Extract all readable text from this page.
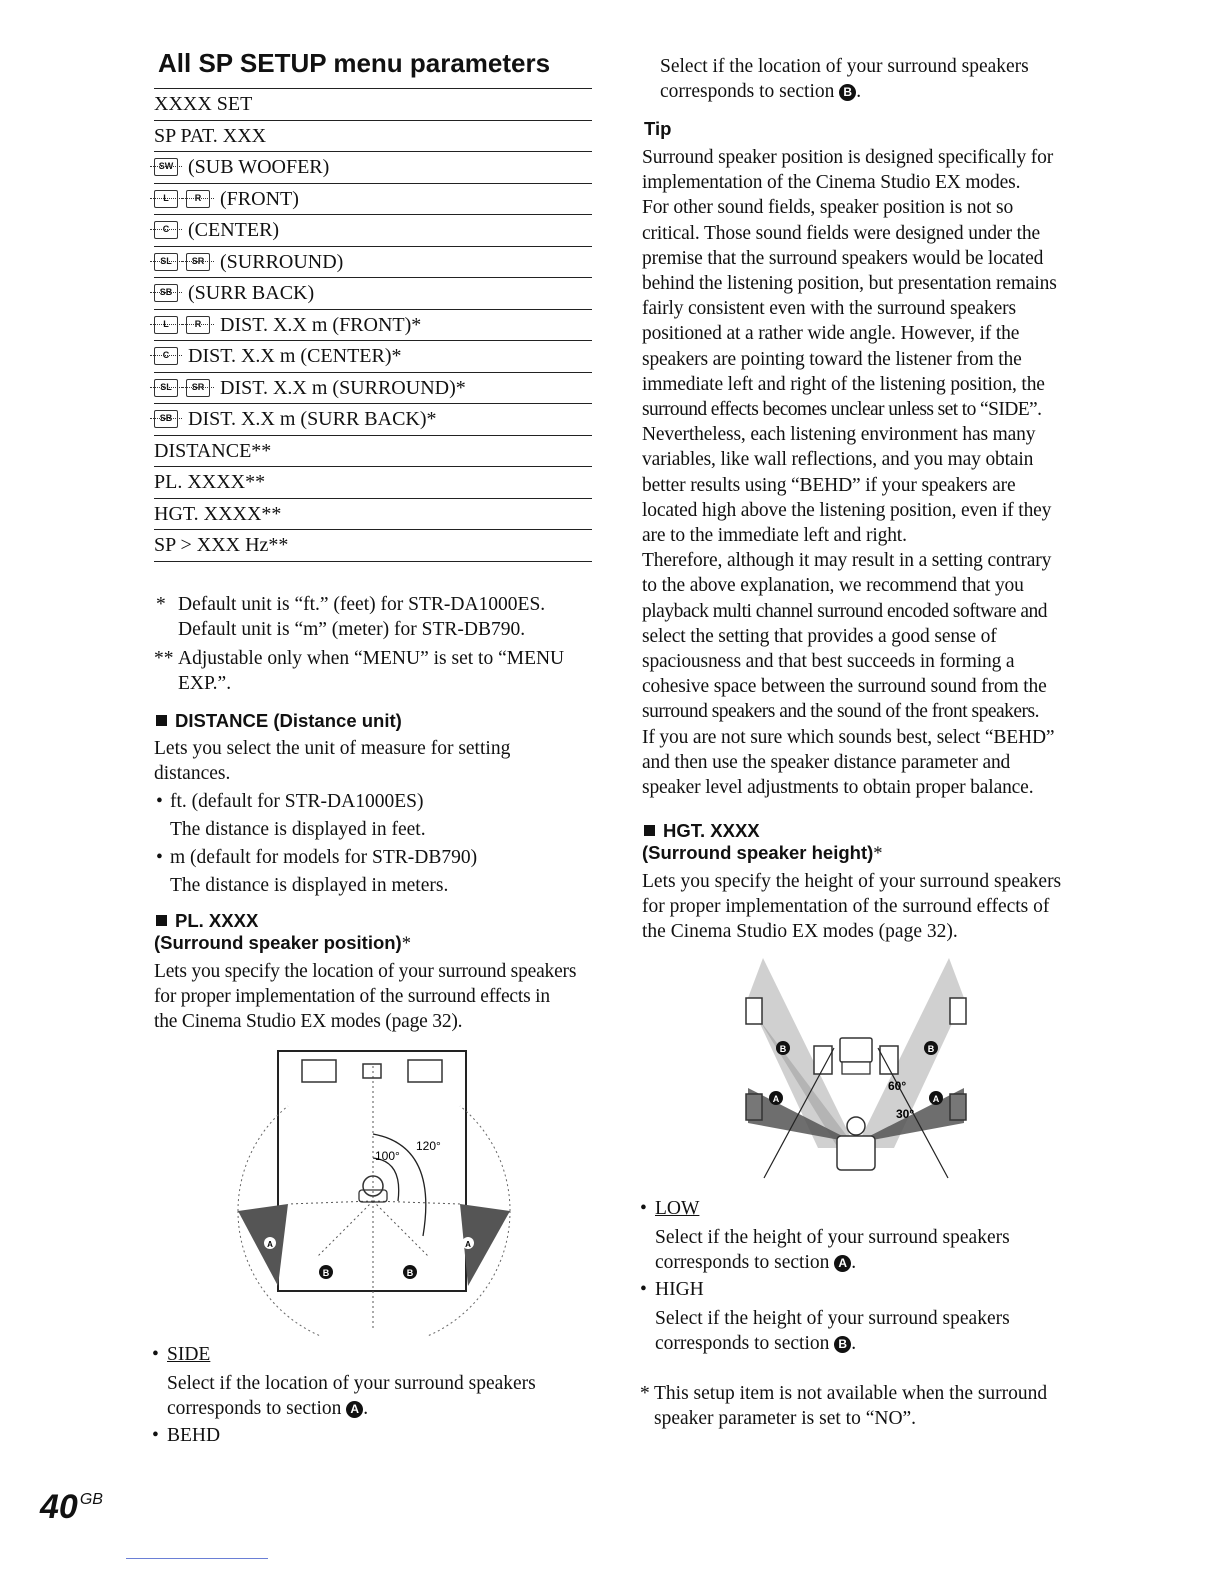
All SP SETUP menu parameters
XXXX SET
SP PAT. XXX
SW (SUB WOOFER)
L	R (FRONT)
C (CENTER)
SL	SR (SURROUND)
SB (SURR BACK)
L	R DIST. X.X m (FRONT)*
C DIST. X.X m (CENTER)*
SL	SR DIST. X.X m (SURROUND)*
SB DIST. X.X m (SURR BACK)*
DISTANCE**
PL. XXXX**
HGT. XXXX**
SP > XXX Hz**
* Default unit is “ft.” (feet) for STR-DA1000ES.
Default unit is “m” (meter) for STR-DB790.
** Adjustable only when “MENU” is set to “MENU
EXP.”.
DISTANCE (Distance unit)
Lets you select the unit of measure for setting
distances.
• ft. (default for STR-DA1000ES)
The distance is displayed in feet.
• m (default for models for STR-DB790)
The distance is displayed in meters.
PL. XXXX
(Surround speaker position)*
Lets you specify the location of your surround speakers
for proper implementation of the surround effects in
the Cinema Studio EX modes (page 32).
100°
120°
A	A
B	B
• SIDE
Select if the location of your surround speakers
corresponds to section A .
• BEHD
Select if the location of your surround speakers
corresponds to section B .
Tip
Surround speaker position is designed specifically for
implementation of the Cinema Studio EX modes.
For other sound fields, speaker position is not so
critical. Those sound fields were designed under the
premise that the surround speakers would be located
behind the listening position, but presentation remains
fairly consistent even with the surround speakers
positioned at a rather wide angle. However, if the
speakers are pointing toward the listener from the
immediate left and right of the listening position, the
surround effects becomes unclear unless set to “SIDE”.
Nevertheless, each listening environment has many
variables, like wall reflections, and you may obtain
better results using “BEHD” if your speakers are
located high above the listening position, even if they
are to the immediate left and right.
Therefore, although it may result in a setting contrary
to the above explanation, we recommend that you
playback multi channel surround encoded software and
select the setting that provides a good sense of
spaciousness and that best succeeds in forming a
cohesive space between the surround sound from the
surround speakers and the sound of the front speakers.
If you are not sure which sounds best, select “BEHD”
and then use the speaker distance parameter and
speaker level adjustments to obtain proper balance.
HGT. XXXX
(Surround speaker height)*
Lets you specify the height of your surround speakers
for proper implementation of the surround effects of
the Cinema Studio EX modes (page 32).
60°
30°
B	B
A	A
• LOW
Select if the height of your surround speakers
corresponds to section A .
• HIGH
Select if the height of your surround speakers
corresponds to section B .
* This setup item is not available when the surround
speaker parameter is set to “NO”.
40 $^{GB}$
